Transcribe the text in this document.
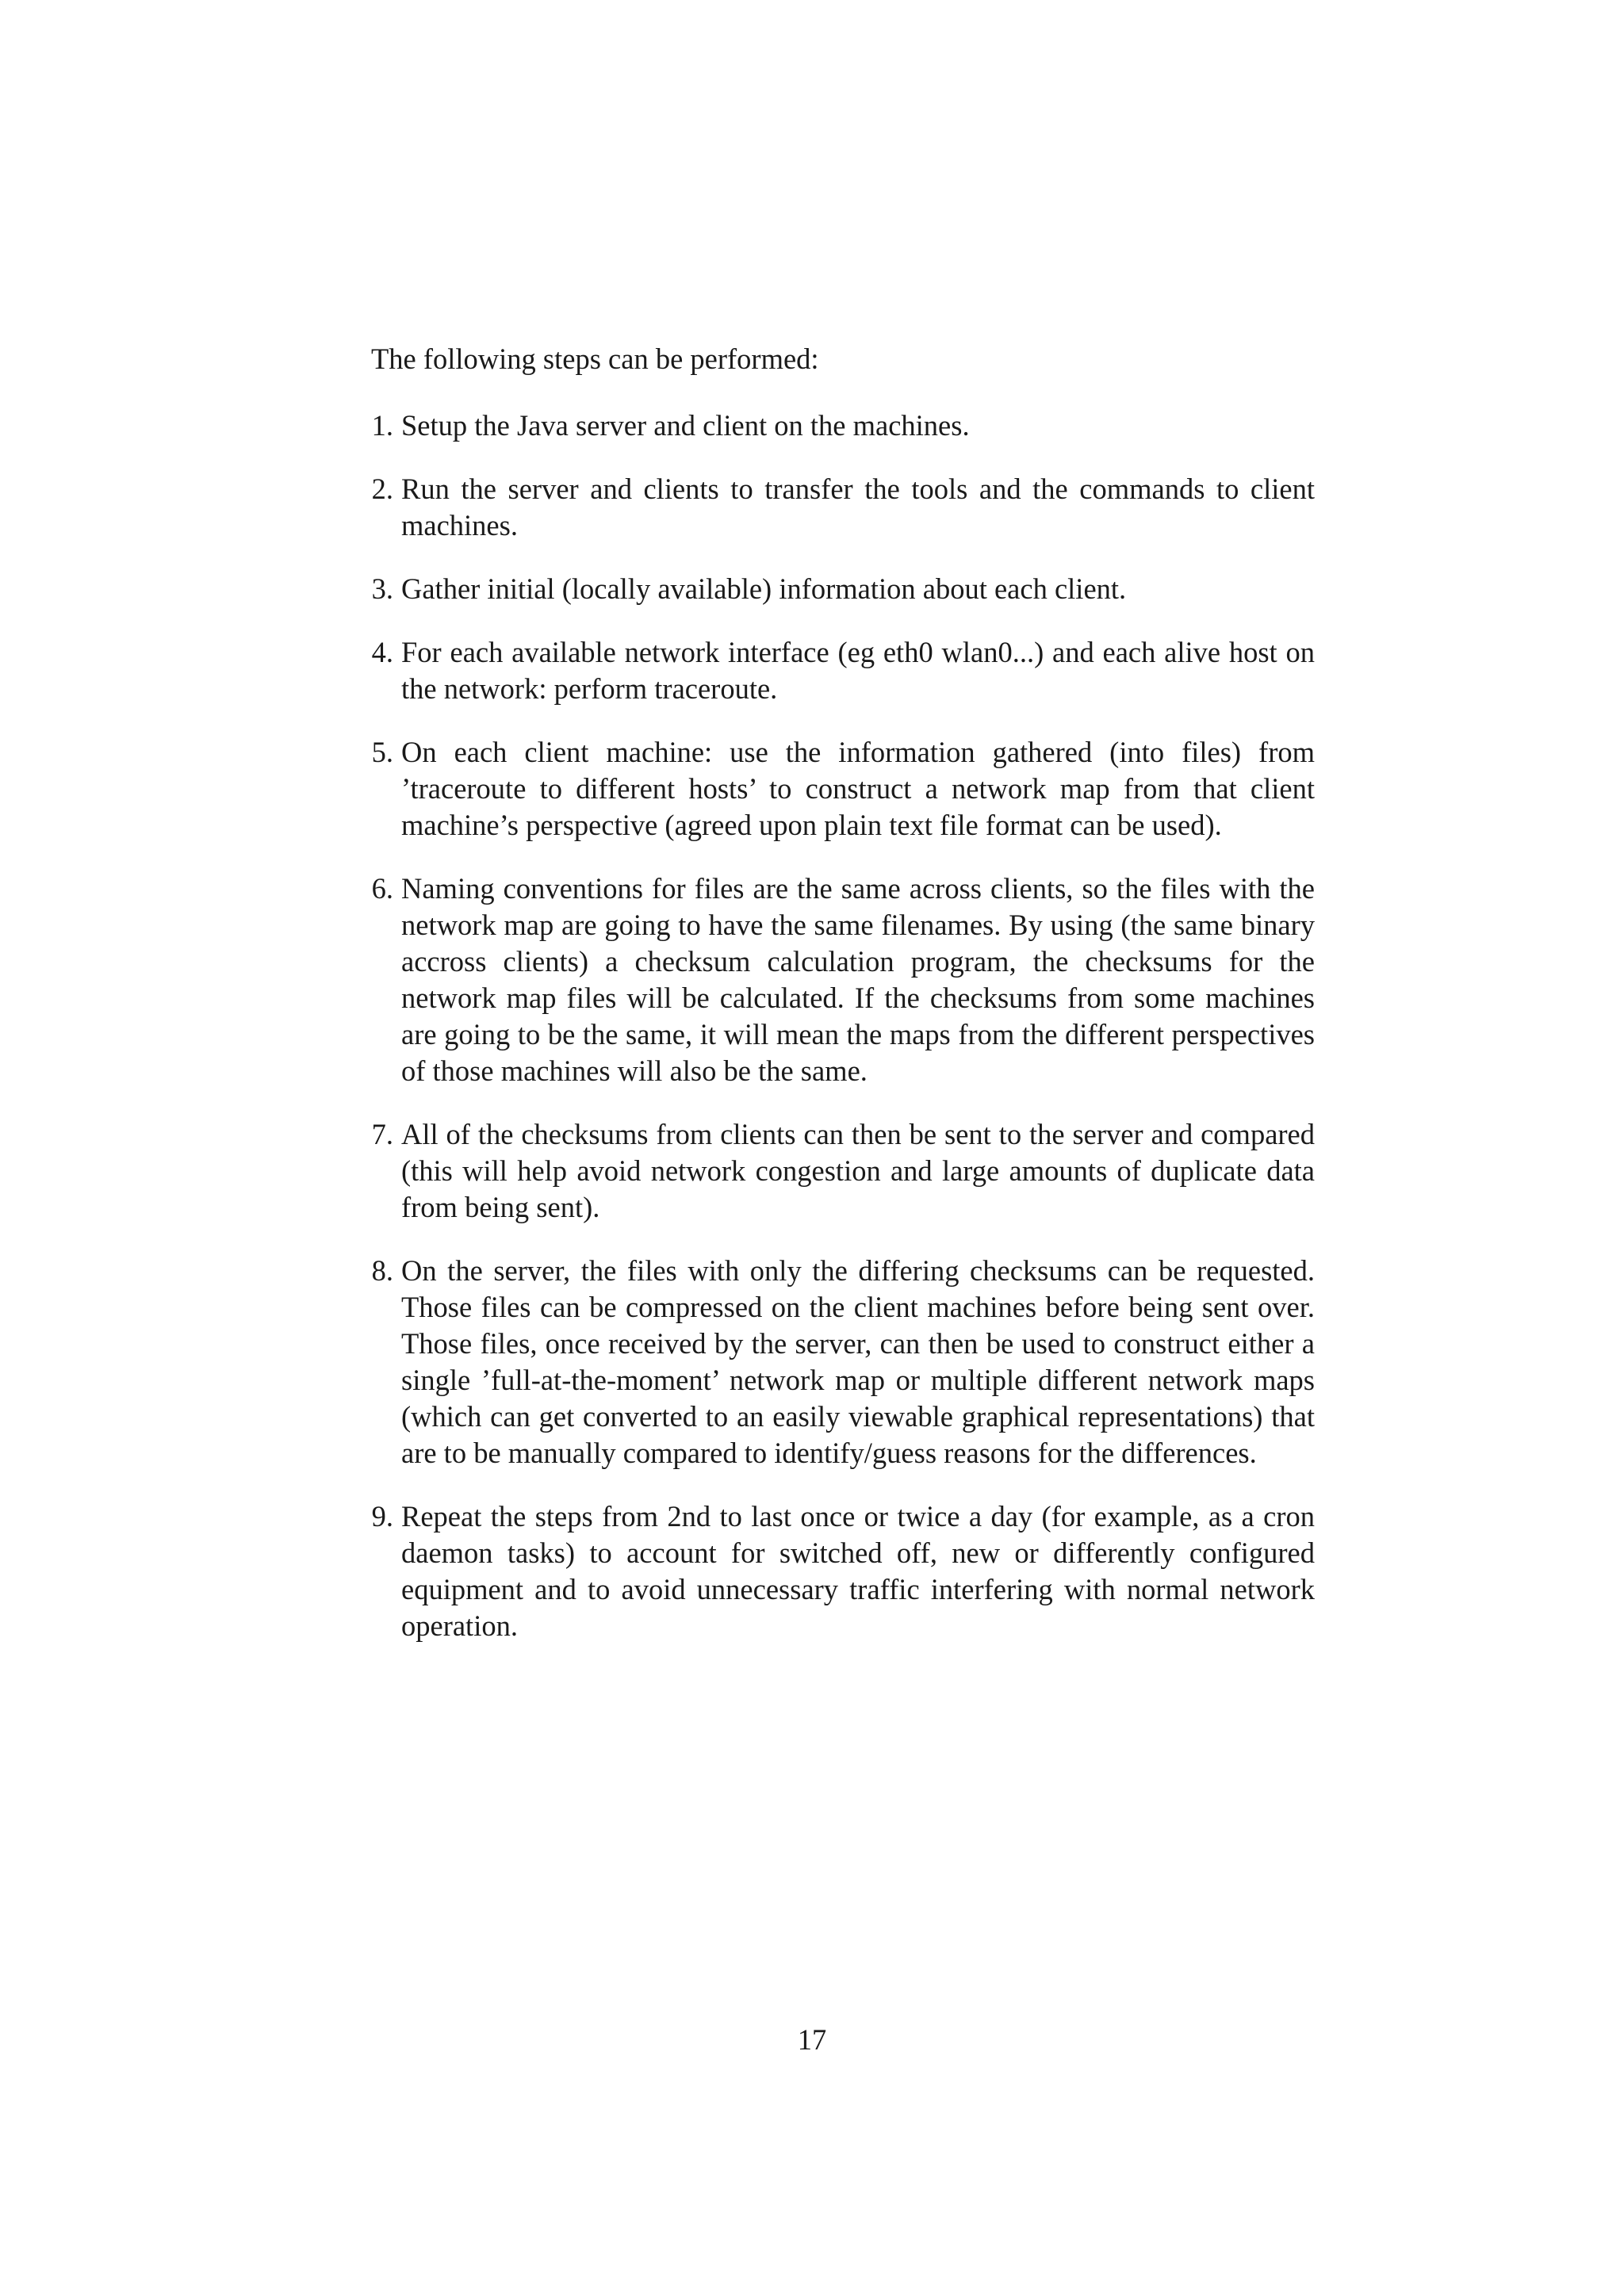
The following steps can be performed:

1. Setup the Java server and client on the machines.
2. Run the server and clients to transfer the tools and the commands to client machines.
3. Gather initial (locally available) information about each client.
4. For each available network interface (eg eth0 wlan0...) and each alive host on the network: perform traceroute.
5. On each client machine: use the information gathered (into files) from ’traceroute to different hosts’ to construct a network map from that client machine’s perspective (agreed upon plain text file format can be used).
6. Naming conventions for files are the same across clients, so the files with the network map are going to have the same filenames. By using (the same binary accross clients) a checksum calculation program, the checksums for the network map files will be calculated. If the checksums from some machines are going to be the same, it will mean the maps from the different perspectives of those machines will also be the same.
7. All of the checksums from clients can then be sent to the server and compared (this will help avoid network congestion and large amounts of duplicate data from being sent).
8. On the server, the files with only the differing checksums can be requested. Those files can be compressed on the client machines before being sent over. Those files, once received by the server, can then be used to construct either a single ’full-at-the-moment’ network map or multiple different network maps (which can get converted to an easily viewable graphical representations) that are to be manually compared to identify/guess reasons for the differences.
9. Repeat the steps from 2nd to last once or twice a day (for example, as a cron daemon tasks) to account for switched off, new or differently configured equipment and to avoid unnecessary traffic interfering with normal network operation.
17
